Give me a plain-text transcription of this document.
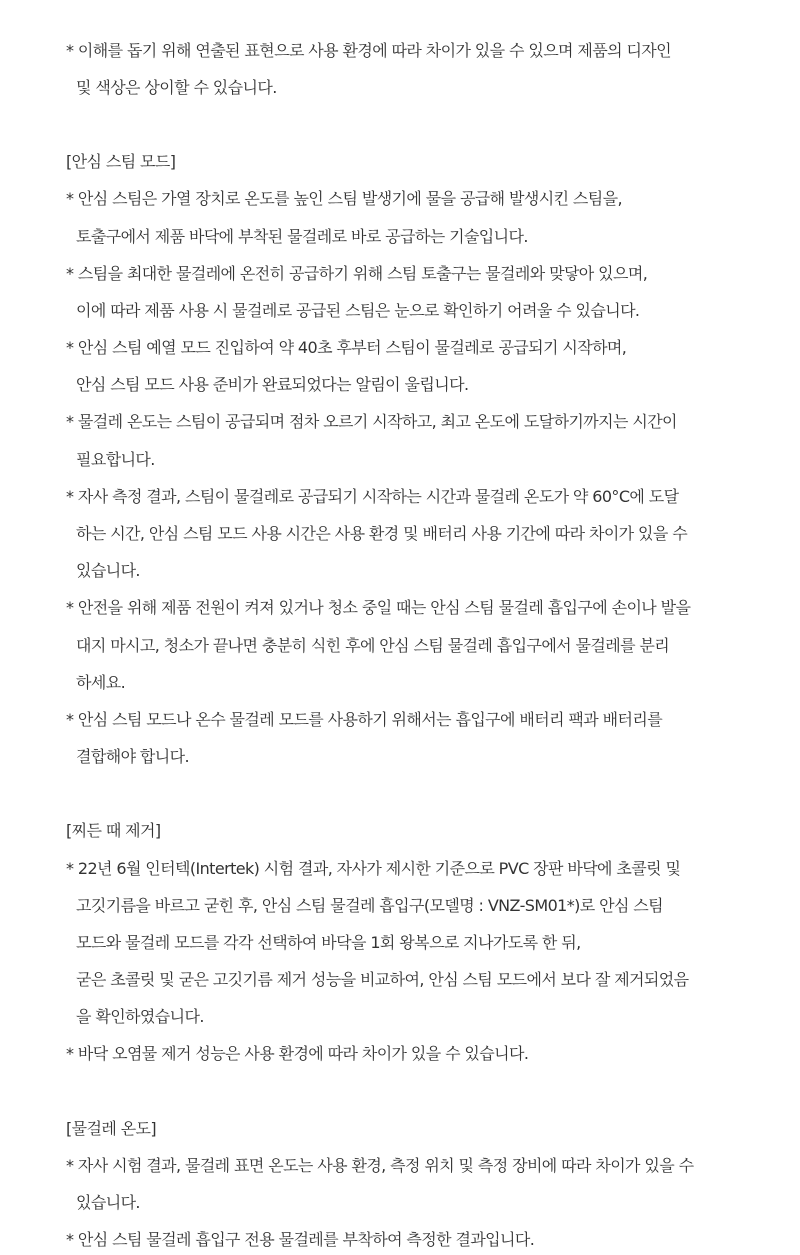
* 이해를 돕기 위해 연출된 표현으로 사용 환경에 따라 차이가 있을 수 있으며 제품의 디자인
및 색상은 상이할 수 있습니다.
[안심 스팀 모드]
* 안심 스팀은 가열 장치로 온도를 높인 스팀 발생기에 물을 공급해 발생시킨 스팀을,
토출구에서 제품 바닥에 부착된 물걸레로 바로 공급하는 기술입니다.
* 스팀을 최대한 물걸레에 온전히 공급하기 위해 스팀 토출구는 물걸레와 맞닿아 있으며,
이에 따라 제품 사용 시 물걸레로 공급된 스팀은 눈으로 확인하기 어려울 수 있습니다.
* 안심 스팀 예열 모드 진입하여 약 40초 후부터 스팀이 물걸레로 공급되기 시작하며,
안심 스팀 모드 사용 준비가 완료되었다는 알림이 울립니다.
* 물걸레 온도는 스팀이 공급되며 점차 오르기 시작하고, 최고 온도에 도달하기까지는 시간이
필요합니다.
* 자사 측정 결과, 스팀이 물걸레로 공급되기 시작하는 시간과 물걸레 온도가 약 60°C에 도달
하는 시간, 안심 스팀 모드 사용 시간은 사용 환경 및 배터리 사용 기간에 따라 차이가 있을 수
있습니다.
* 안전을 위해 제품 전원이 켜져 있거나 청소 중일 때는 안심 스팀 물걸레 흡입구에 손이나 발을
대지 마시고, 청소가 끝나면 충분히 식힌 후에 안심 스팀 물걸레 흡입구에서 물걸레를 분리
하세요.
* 안심 스팀 모드나 온수 물걸레 모드를 사용하기 위해서는 흡입구에 배터리 팩과 배터리를
결합해야 합니다.
[찌든 때 제거]
* 22년 6월 인터텍(Intertek) 시험 결과, 자사가 제시한 기준으로 PVC 장판 바닥에 초콜릿 및
고깃기름을 바르고 굳힌 후, 안심 스팀 물걸레 흡입구(모델명 : VNZ-SM01*)로 안심 스팀
모드와 물걸레 모드를 각각 선택하여 바닥을 1회 왕복으로 지나가도록 한 뒤,
굳은 초콜릿 및 굳은 고깃기름 제거 성능을 비교하여, 안심 스팀 모드에서 보다 잘 제거되었음
을 확인하였습니다.
* 바닥 오염물 제거 성능은 사용 환경에 따라 차이가 있을 수 있습니다.
[물걸레 온도]
* 자사 시험 결과, 물걸레 표면 온도는 사용 환경, 측정 위치 및 측정 장비에 따라 차이가 있을 수
있습니다.
* 안심 스팀 물걸레 흡입구 전용 물걸레를 부착하여 측정한 결과입니다.
